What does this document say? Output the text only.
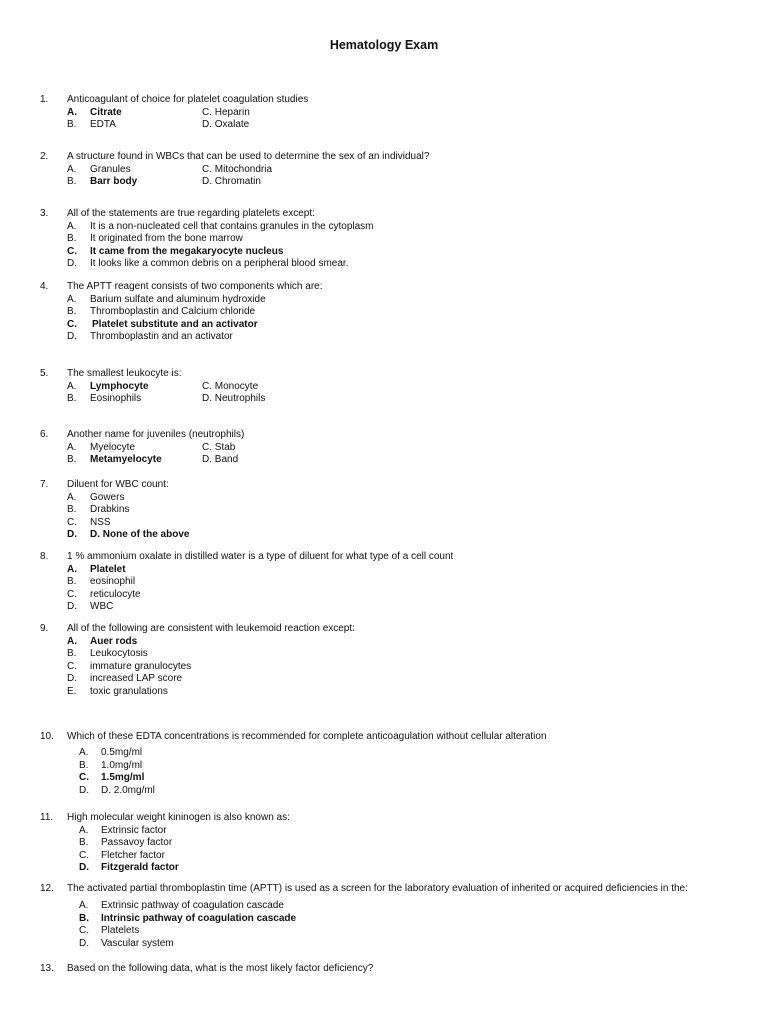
Hematology Exam
1.	Anticoagulant of choice for platelet coagulation studies
A. Citrate	C. Heparin
B. EDTA	D. Oxalate
2.	A structure found in WBCs that can be used to determine the sex of an individual?
A. Granules	C. Mitochondria
B. Barr body	D. Chromatin
3.	All of the statements are true regarding platelets except:
A. It is a non-nucleated cell that contains granules in the cytoplasm
B. It originated from the bone marrow
C. It came from the megakaryocyte nucleus
D. It looks like a common debris on a peripheral blood smear.
4.	The APTT reagent consists of two components which are:
A. Barium sulfate and aluminum hydroxide
B. Thromboplastin and Calcium chloride
C. Platelet substitute and an activator
D. Thromboplastin and an activator
5.	The smallest leukocyte is:
A. Lymphocyte	C. Monocyte
B. Eosinophils	D. Neutrophils
6.	Another name for juveniles (neutrophils)
A. Myelocyte	C. Stab
B. Metamyelocyte	D. Band
7.	Diluent for WBC count:
A. Gowers
B. Drabkins
C. NSS
D. D. None of the above
8.	1 % ammonium oxalate in distilled water is a type of diluent for what type of a cell count
A. Platelet
B. eosinophil
C. reticulocyte
D. WBC
9.	All of the following are consistent with leukemoid reaction except:
A. Auer rods
B. Leukocytosis
C. immature granulocytes
D. increased LAP score
E. toxic granulations
10.	Which of these EDTA concentrations is recommended for complete anticoagulation without cellular alteration
A. 0.5mg/ml
B. 1.0mg/ml
C. 1.5mg/ml
D. D. 2.0mg/ml
11.	High molecular weight kininogen is also known as:
A. Extrinsic factor
B. Passavoy factor
C. Fletcher factor
D. Fitzgerald factor
12.	The activated partial thromboplastin time (APTT) is used as a screen for the laboratory evaluation of inherited or acquired deficiencies in the:
A. Extrinsic pathway of coagulation cascade
B. Intrinsic pathway of coagulation cascade
C. Platelets
D. Vascular system
13.	Based on the following data, what is the most likely factor deficiency?
